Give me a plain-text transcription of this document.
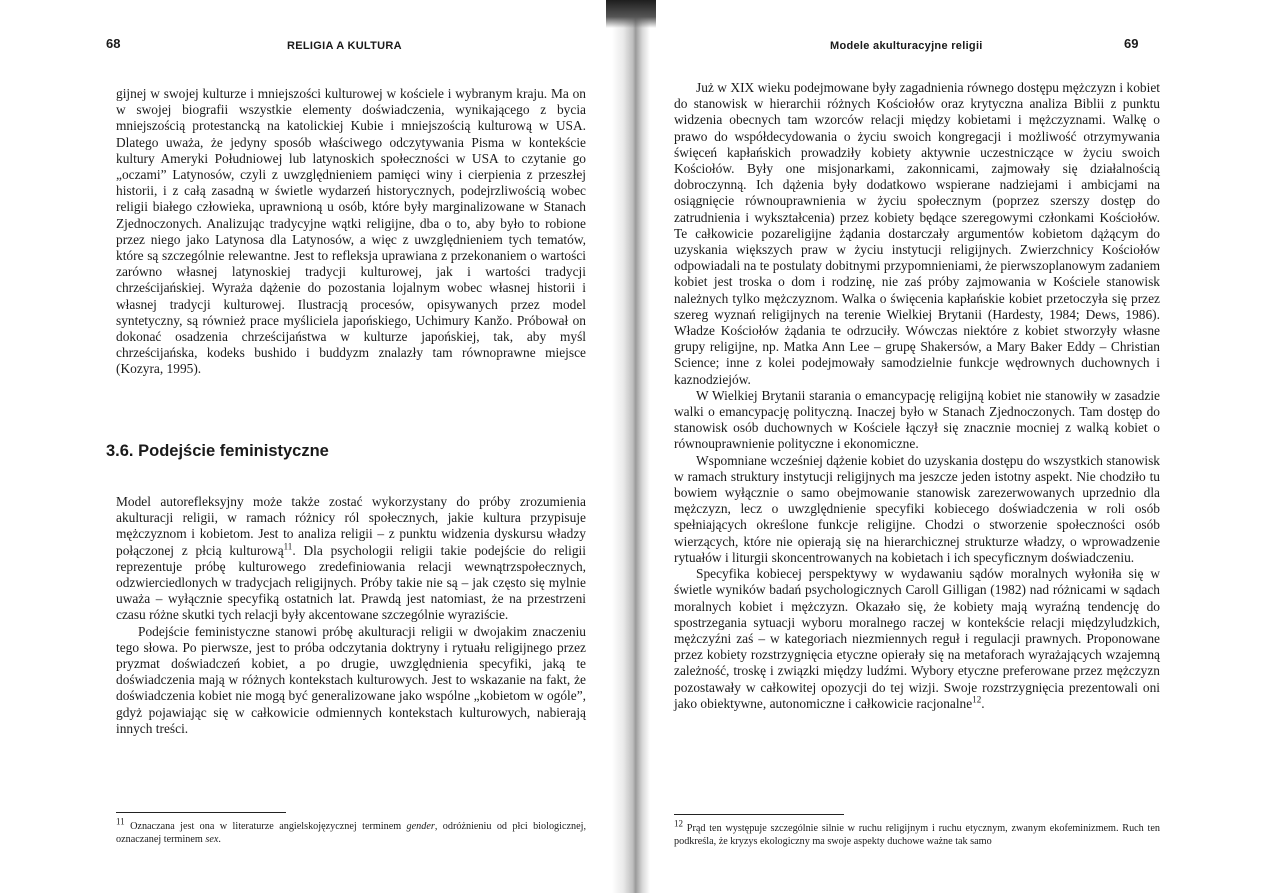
68	RELIGIA A KULTURA

gijnej w swojej kulturze i mniejszości kulturowej w kościele i wybranym kraju. Ma on w swojej biografii wszystkie elementy doświadczenia, wynikającego z bycia mniejszością protestancką na katolickiej Kubie i mniejszością kulturową w USA. Dlatego uważa, że jedyny sposób właściwego odczytywania Pisma w kontekście kultury Ameryki Południowej lub latynoskich społeczności w USA to czytanie go „oczami” Latynosów, czyli z uwzględnieniem pamięci winy i cierpienia z przeszłej historii, i z całą zasadną w świetle wydarzeń historycznych, podejrzliwością wobec religii białego człowieka, uprawnioną u osób, które były marginalizowane w Stanach Zjednoczonych. Analizując tradycyjne wątki religijne, dba o to, aby było to robione przez niego jako Latynosa dla Latynosów, a więc z uwzględnieniem tych tematów, które są szczególnie relewantne. Jest to refleksja uprawiana z przekonaniem o wartości zarówno własnej latynoskiej tradycji kulturowej, jak i wartości tradycji chrześcijańskiej. Wyraża dążenie do pozostania lojalnym wobec własnej historii i własnej tradycji kulturowej. Ilustracją procesów, opisywanych przez model syntetyczny, są również prace myśliciela japońskiego, Uchimury Kanžo. Próbował on dokonać osadzenia chrześcijaństwa w kulturze japońskiej, tak, aby myśl chrześcijańska, kodeks bushido i buddyzm znalazły tam równoprawne miejsce (Kozyra, 1995).

3.6. Podejście feministyczne

Model autorefleksyjny może także zostać wykorzystany do próby zrozumienia akulturacji religii, w ramach różnicy ról społecznych, jakie kultura przypisuje mężczyznom i kobietom. Jest to analiza religii – z punktu widzenia dyskursu władzy połączonej z płcią kulturową$^{11}$. Dla psychologii religii takie podejście do religii reprezentuje próbę kulturowego zredefiniowania relacji wewnątrzspołecznych, odzwierciedlonych w tradycjach religijnych. Próby takie nie są – jak często się mylnie uważa – wyłącznie specyfiką ostatnich lat. Prawdą jest natomiast, że na przestrzeni czasu różne skutki tych relacji były akcentowane szczególnie wyraziście.

Podejście feministyczne stanowi próbę akulturacji religii w dwojakim znaczeniu tego słowa. Po pierwsze, jest to próba odczytania doktryny i rytuału religijnego przez pryzmat doświadczeń kobiet, a po drugie, uwzględnienia specyfiki, jaką te doświadczenia mają w różnych kontekstach kulturowych. Jest to wskazanie na fakt, że doświadczenia kobiet nie mogą być generalizowane jako wspólne „kobietom w ogóle”, gdyż pojawiając się w całkowicie odmiennych kontekstach kulturowych, nabierają innych treści.

$^{11}$ Oznaczana jest ona w literaturze angielskojęzycznej terminem gender, odróżnieniu od płci biologicznej, oznaczanej terminem sex.
Modele akulturacyjne religii	69

Już w XIX wieku podejmowane były zagadnienia równego dostępu mężczyzn i kobiet do stanowisk w hierarchii różnych Kościołów oraz krytyczna analiza Biblii z punktu widzenia obecnych tam wzorców relacji między kobietami i mężczyznami. Walkę o prawo do współdecydowania o życiu swoich kongregacji i możliwość otrzymywania święceń kapłańskich prowadziły kobiety aktywnie uczestniczące w życiu swoich Kościołów. Były one misjonarkami, zakonnicami, zajmowały się działalnością dobroczynną. Ich dążenia były dodatkowo wspierane nadziejami i ambicjami na osiągnięcie równouprawnienia w życiu społecznym (poprzez szerszy dostęp do zatrudnienia i wykształcenia) przez kobiety będące szeregowymi członkami Kościołów. Te całkowicie pozareligijne żądania dostarczały argumentów kobietom dążącym do uzyskania większych praw w życiu instytucji religijnych. Zwierzchnicy Kościołów odpowiadali na te postulaty dobitnymi przypomnieniami, że pierwszoplanowym zadaniem kobiet jest troska o dom i rodzinę, nie zaś próby zajmowania w Kościele stanowisk należnych tylko mężczyznom. Walka o święcenia kapłańskie kobiet przetoczyła się przez szereg wyznań religijnych na terenie Wielkiej Brytanii (Hardesty, 1984; Dews, 1986). Władze Kościołów żądania te odrzuciły. Wówczas niektóre z kobiet stworzyły własne grupy religijne, np. Matka Ann Lee – grupę Shakersów, a Mary Baker Eddy – Christian Science; inne z kolei podejmowały samodzielnie funkcje wędrownych duchownych i kaznodziejów.

W Wielkiej Brytanii starania o emancypację religijną kobiet nie stanowiły w zasadzie walki o emancypację polityczną. Inaczej było w Stanach Zjednoczonych. Tam dostęp do stanowisk osób duchownych w Kościele łączył się znacznie mocniej z walką kobiet o równouprawnienie polityczne i ekonomiczne.

Wspomniane wcześniej dążenie kobiet do uzyskania dostępu do wszystkich stanowisk w ramach struktury instytucji religijnych ma jeszcze jeden istotny aspekt. Nie chodziło tu bowiem wyłącznie o samo obejmowanie stanowisk zarezerwowanych uprzednio dla mężczyzn, lecz o uwzględnienie specyfiki kobiecego doświadczenia w roli osób spełniających określone funkcje religijne. Chodzi o stworzenie społeczności osób wierzących, które nie opierają się na hierarchicznej strukturze władzy, o wprowadzenie rytuałów i liturgii skoncentrowanych na kobietach i ich specyficznym doświadczeniu.

Specyfika kobiecej perspektywy w wydawaniu sądów moralnych wyłoniła się w świetle wyników badań psychologicznych Caroll Gilligan (1982) nad różnicami w sądach moralnych kobiet i mężczyzn. Okazało się, że kobiety mają wyraźną tendencję do spostrzegania sytuacji wyboru moralnego raczej w kontekście relacji międzyludzkich, mężczyźni zaś – w kategoriach niezmiennych reguł i regulacji prawnych. Proponowane przez kobiety rozstrzygnięcia etyczne opierały się na metaforach wyrażających wzajemną zależność, troskę i związki między ludźmi. Wybory etyczne preferowane przez mężczyzn pozostawały w całkowitej opozycji do tej wizji. Swoje rozstrzygnięcia prezentowali oni jako obiektywne, autonomiczne i całkowicie racjonalne$^{12}$.

$^{12}$ Prąd ten występuje szczególnie silnie w ruchu religijnym i ruchu etycznym, zwanym ekofeminizmem. Ruch ten podkreśla, że kryzys ekologiczny ma swoje aspekty duchowe ważne tak samo
